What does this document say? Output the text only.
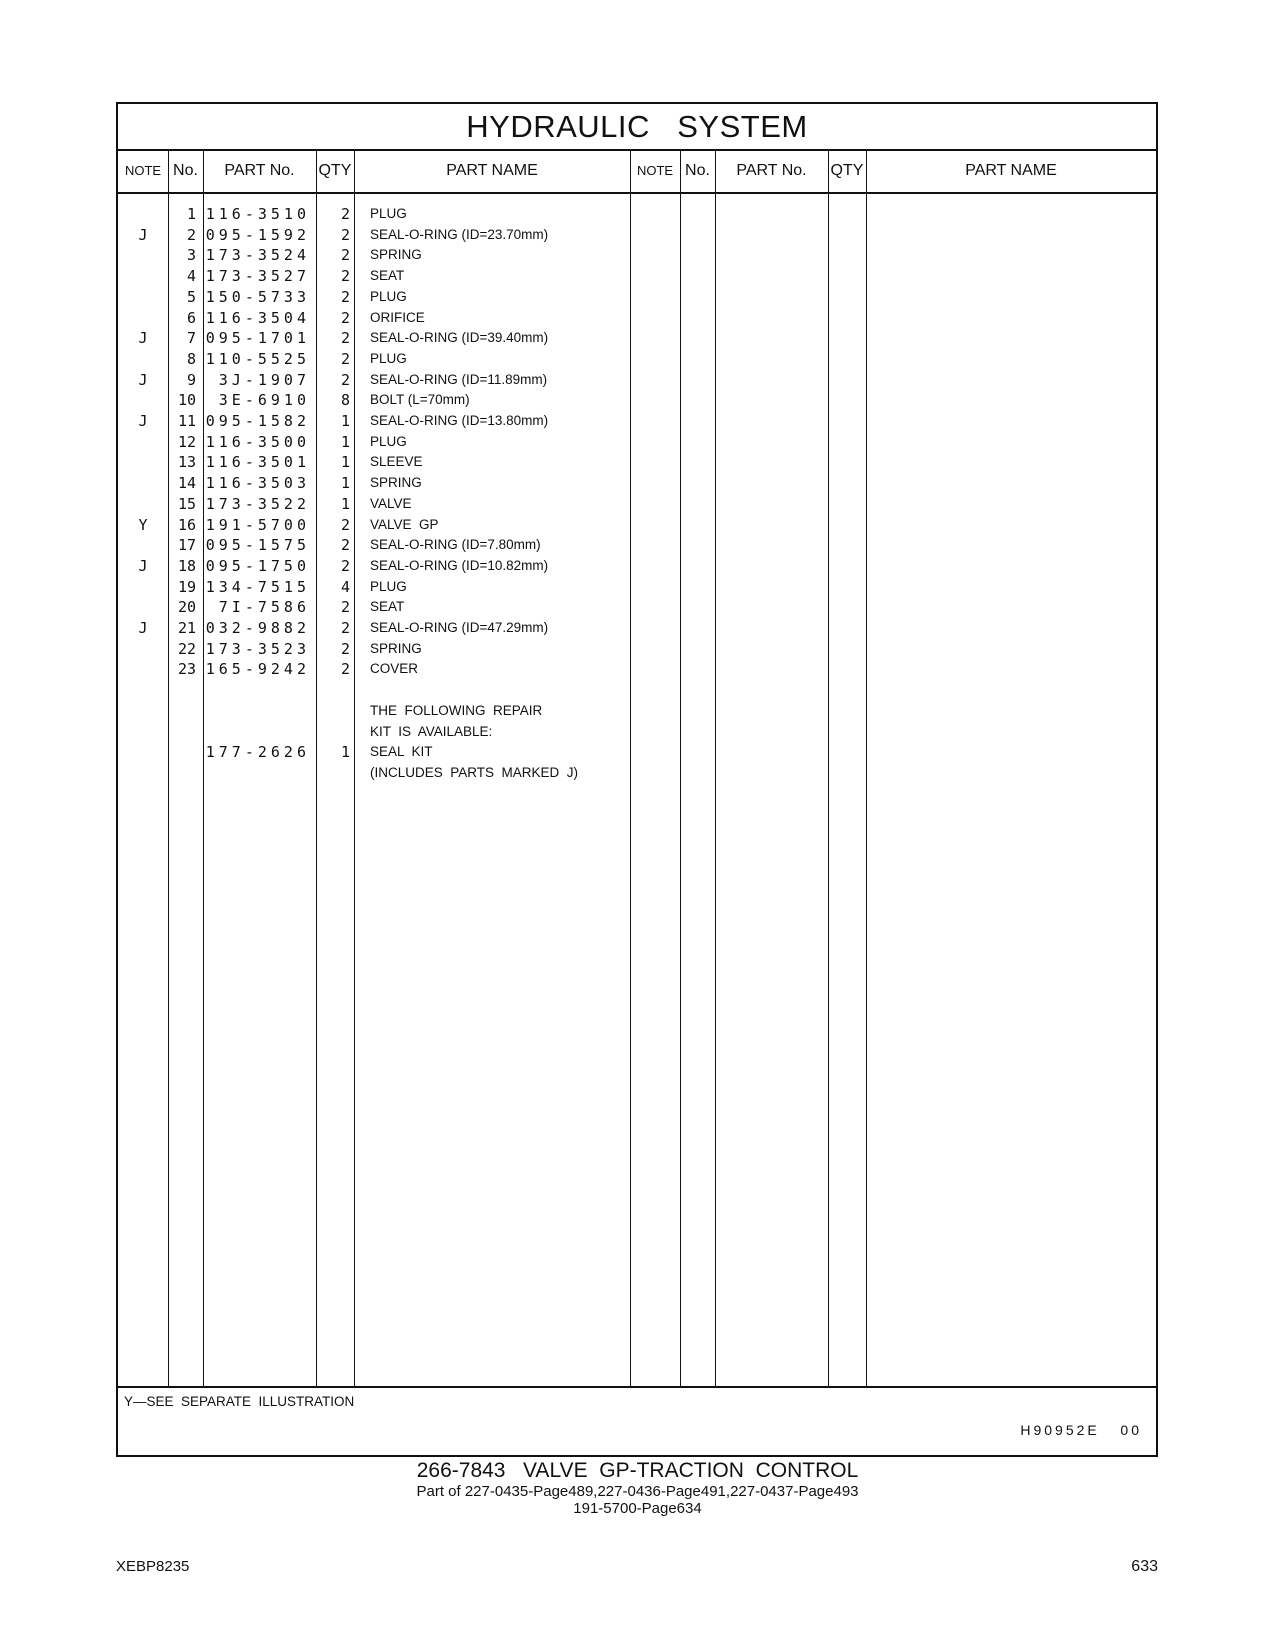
HYDRAULIC   SYSTEM
NOTE No.	PART No.	QTY	PART NAME	NOTE No.	PART No.	QTY	PART NAME
1 116-3510	2 PLUG
J	2 095-1592	2 SEAL-O-RING (ID=23.70mm)
3 173-3524	2 SPRING
4 173-3527	2 SEAT
5 150-5733	2 PLUG
6 116-3504	2 ORIFICE
J	7 095-1701	2 SEAL-O-RING (ID=39.40mm)
8 110-5525	2 PLUG
J	9	3J-1907	2 SEAL-O-RING (ID=11.89mm)
10	3E-6910	8 BOLT (L=70mm)
J	11 095-1582	1 SEAL-O-RING (ID=13.80mm)
12 116-3500	1 PLUG
13 116-3501	1 SLEEVE
14 116-3503	1 SPRING
15 173-3522	1 VALVE
Y	16 191-5700	2 VALVE  GP
17 095-1575	2 SEAL-O-RING (ID=7.80mm)
J	18 095-1750	2 SEAL-O-RING (ID=10.82mm)
19 134-7515	4 PLUG
20	7I-7586	2 SEAT
J	21 032-9882	2 SEAL-O-RING (ID=47.29mm)
22 173-3523	2 SPRING
23 165-9242	2 COVER
THE  FOLLOWING  REPAIR
KIT  IS  AVAILABLE:
177-2626	1 SEAL  KIT
(INCLUDES  PARTS  MARKED  J)
Y—SEE  SEPARATE  ILLUSTRATION
H90952E   00
266-7843   VALVE  GP-TRACTION  CONTROL
Part of 227-0435-Page489,227-0436-Page491,227-0437-Page493
191-5700-Page634
XEBP8235	633
